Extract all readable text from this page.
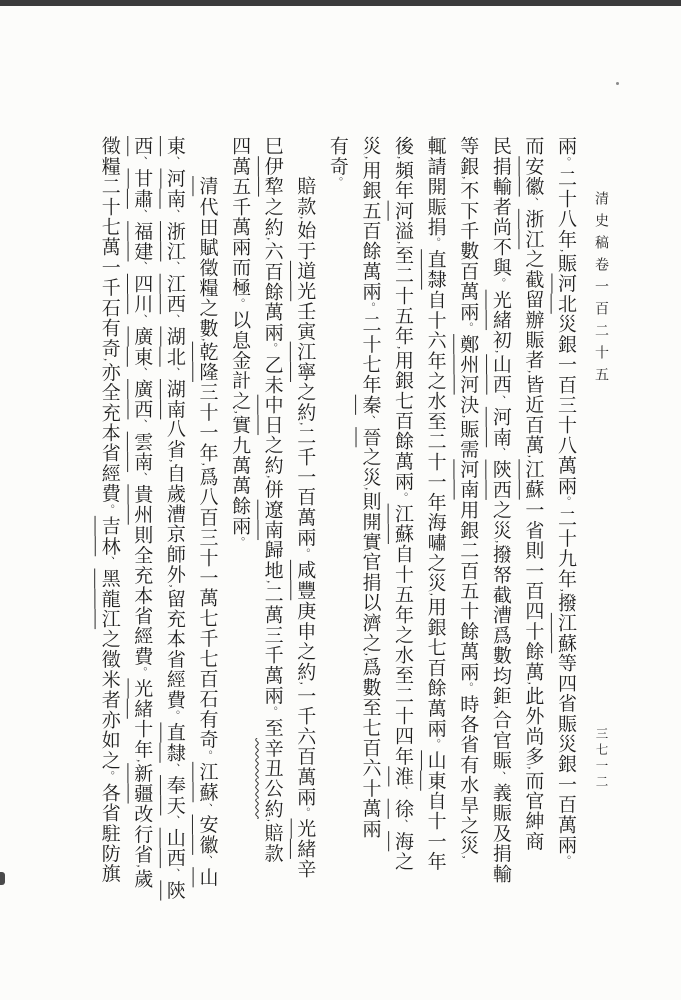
清史稿卷一百二十五

兩。二十八年,賑河北災銀一百三十八萬兩。二十九年,撥江蘇等四省賑災銀一百萬兩。

而安徽、浙江之截留辦賑者,皆近百萬,江蘇一省則一百四十餘萬,此外尚多,而官紳商

民捐輸者尚不與。光緒初,山西、河南、陝西之災,撥帑截漕爲數均鉅,合官賑、義賑及捐輸

等銀,不下千數百萬兩。鄭州河決,賑需河南用銀二百五十餘萬兩。時各省有水旱之災,

輒請開賑捐。直隸自十六年之水至二十一年海嘯之災,用銀七百餘萬兩。山東自十一年

後,頻年河溢,至二十五年,用銀七百餘萬兩。江蘇自十五年之水至二十四年淮、徐、海之

災,用銀五百餘萬兩。二十七年秦、晉之災,則開實官捐以濟之,爲數至七百六十萬兩

有奇。

賠款,始于道光壬寅江寧之約,二千一百萬兩。咸豐庚申之約,一千六百萬兩。光緒辛

巳伊犂之約,六百餘萬兩。乙未中日之約,併遼南歸地,二萬三千萬兩。至辛丑公約,賠款

四萬五千萬兩而極。以息金計之,實九萬萬餘兩。

清代田賦徵糧之數,乾隆三十一年,爲八百三十一萬七千七百石有奇。江蘇、安徽、山

東、河南、浙江、江西、湖北、湖南八省,自歲漕京師外,留充本省經費。直隸、奉天、山西、陝

西、甘肅、福建、四川、廣東、廣西、雲南、貴州則全充本省經費。光緒十年,新疆改行省,歲

徵糧二十七萬一千石有奇,亦全充本省經費。吉林、黑龍江之徵米者亦如之。各省駐防旗

三七一二
